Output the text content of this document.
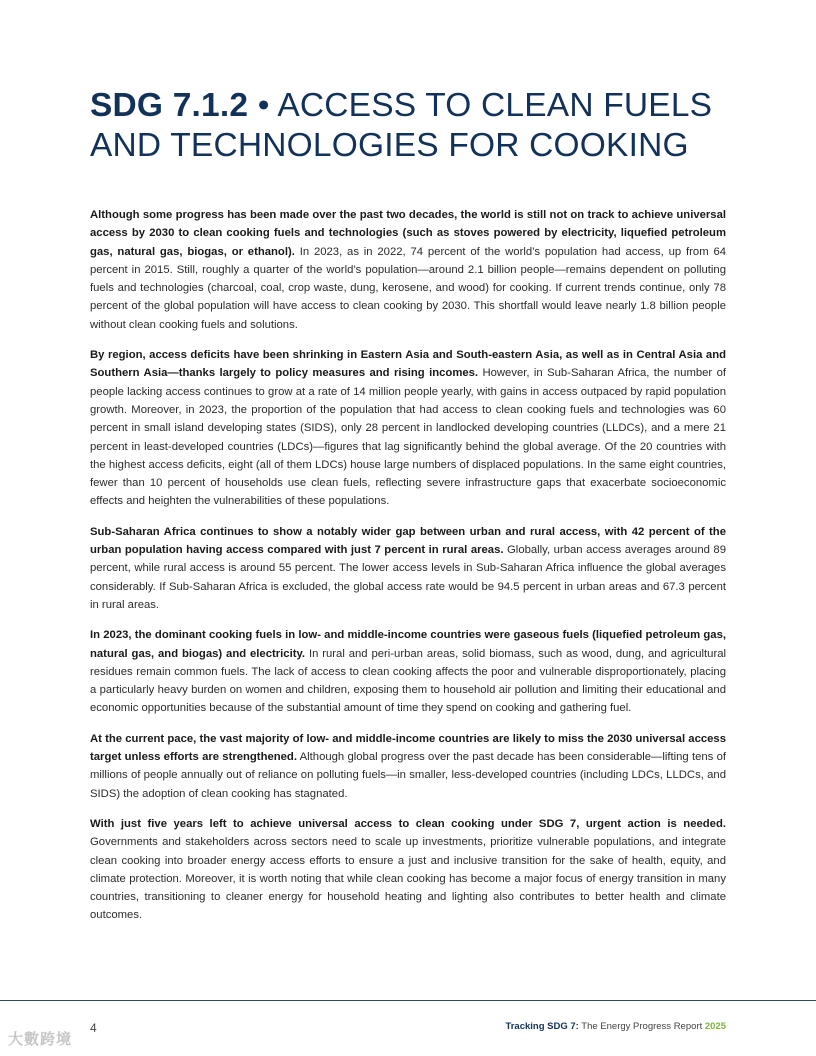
SDG 7.1.2 • ACCESS TO CLEAN FUELS AND TECHNOLOGIES FOR COOKING

Although some progress has been made over the past two decades, the world is still not on track to achieve universal access by 2030 to clean cooking fuels and technologies (such as stoves powered by electricity, liquefied petroleum gas, natural gas, biogas, or ethanol). In 2023, as in 2022, 74 percent of the world’s population had access, up from 64 percent in 2015. Still, roughly a quarter of the world’s population—around 2.1 billion people—remains dependent on polluting fuels and technologies (charcoal, coal, crop waste, dung, kerosene, and wood) for cooking. If current trends continue, only 78 percent of the global population will have access to clean cooking by 2030. This shortfall would leave nearly 1.8 billion people without clean cooking fuels and solutions.

By region, access deficits have been shrinking in Eastern Asia and South-eastern Asia, as well as in Central Asia and Southern Asia—thanks largely to policy measures and rising incomes. However, in Sub-Saharan Africa, the number of people lacking access continues to grow at a rate of 14 million people yearly, with gains in access outpaced by rapid population growth. Moreover, in 2023, the proportion of the population that had access to clean cooking fuels and technologies was 60 percent in small island developing states (SIDS), only 28 percent in landlocked developing countries (LLDCs), and a mere 21 percent in least-developed countries (LDCs)—figures that lag significantly behind the global average. Of the 20 countries with the highest access deficits, eight (all of them LDCs) house large numbers of displaced populations. In the same eight countries, fewer than 10 percent of households use clean fuels, reflecting severe infrastructure gaps that exacerbate socioeconomic effects and heighten the vulnerabilities of these populations.

Sub-Saharan Africa continues to show a notably wider gap between urban and rural access, with 42 percent of the urban population having access compared with just 7 percent in rural areas. Globally, urban access averages around 89 percent, while rural access is around 55 percent. The lower access levels in Sub-Saharan Africa influence the global averages considerably. If Sub-Saharan Africa is excluded, the global access rate would be 94.5 percent in urban areas and 67.3 percent in rural areas.

In 2023, the dominant cooking fuels in low- and middle-income countries were gaseous fuels (liquefied petroleum gas, natural gas, and biogas) and electricity. In rural and peri-urban areas, solid biomass, such as wood, dung, and agricultural residues remain common fuels. The lack of access to clean cooking affects the poor and vulnerable disproportionately, placing a particularly heavy burden on women and children, exposing them to household air pollution and limiting their educational and economic opportunities because of the substantial amount of time they spend on cooking and gathering fuel.

At the current pace, the vast majority of low- and middle-income countries are likely to miss the 2030 universal access target unless efforts are strengthened. Although global progress over the past decade has been considerable—lifting tens of millions of people annually out of reliance on polluting fuels—in smaller, less-developed countries (including LDCs, LLDCs, and SIDS) the adoption of clean cooking has stagnated.

With just five years left to achieve universal access to clean cooking under SDG 7, urgent action is needed. Governments and stakeholders across sectors need to scale up investments, prioritize vulnerable populations, and integrate clean cooking into broader energy access efforts to ensure a just and inclusive transition for the sake of health, equity, and climate protection. Moreover, it is worth noting that while clean cooking has become a major focus of energy transition in many countries, transitioning to cleaner energy for household heating and lighting also contributes to better health and climate outcomes.

大數跨境
4	Tracking SDG 7: The Energy Progress Report 2025
